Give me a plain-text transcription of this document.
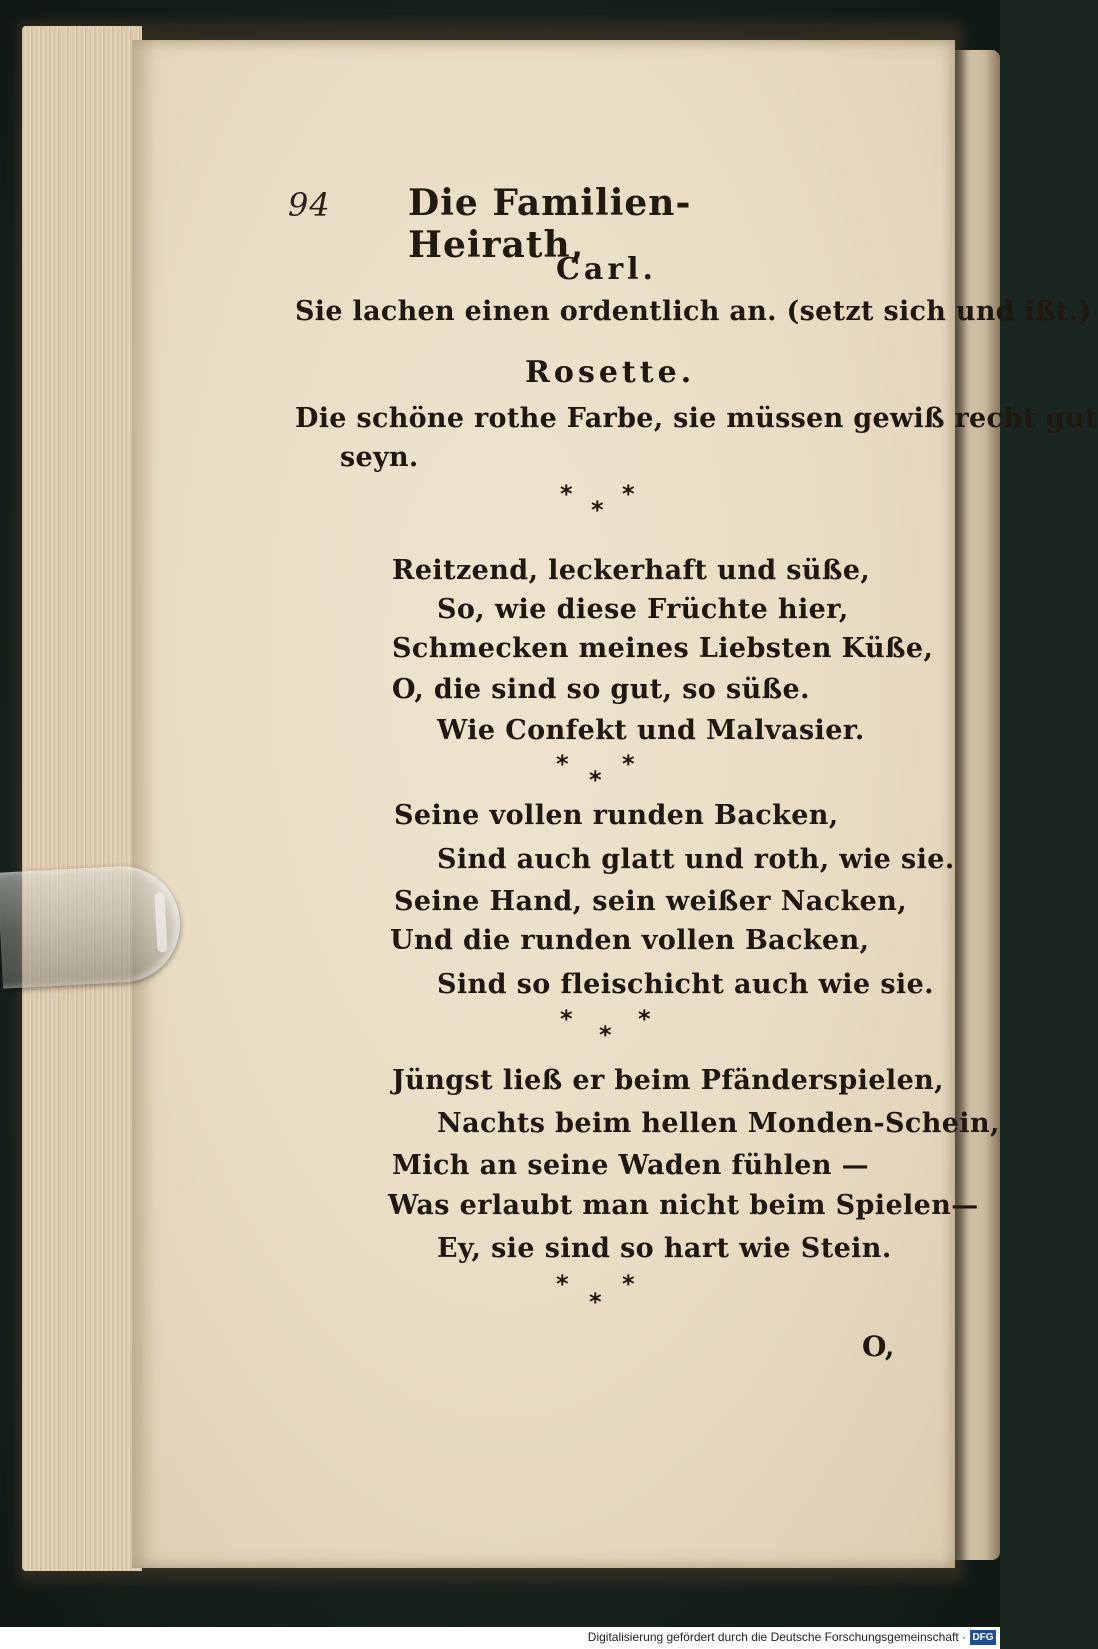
94 Die Familien-Heirath,
Carl.
Sie lachen einen ordentlich an. (setzt sich und ißt.)
Rosette.
Die schöne rothe Farbe, sie müssen gewiß recht gut
seyn.
* *
*
Reitzend, leckerhaft und süße,
So, wie diese Früchte hier,
Schmecken meines Liebsten Küße,
O, die sind so gut, so süße.
Wie Confekt und Malvasier.
* *
*
Seine vollen runden Backen,
Sind auch glatt und roth, wie sie.
Seine Hand, sein weißer Nacken,
Und die runden vollen Backen,
Sind so fleischicht auch wie sie.
*	*
*
Jüngst ließ er beim Pfänderspielen,
Nachts beim hellen Monden-Schein,
Mich an seine Waden fühlen —
Was erlaubt man nicht beim Spielen—
Ey, sie sind so hart wie Stein.
* *
*
O,
Digitalisierung gefördert durch die Deutsche Forschungsgemeinschaft · DFG
